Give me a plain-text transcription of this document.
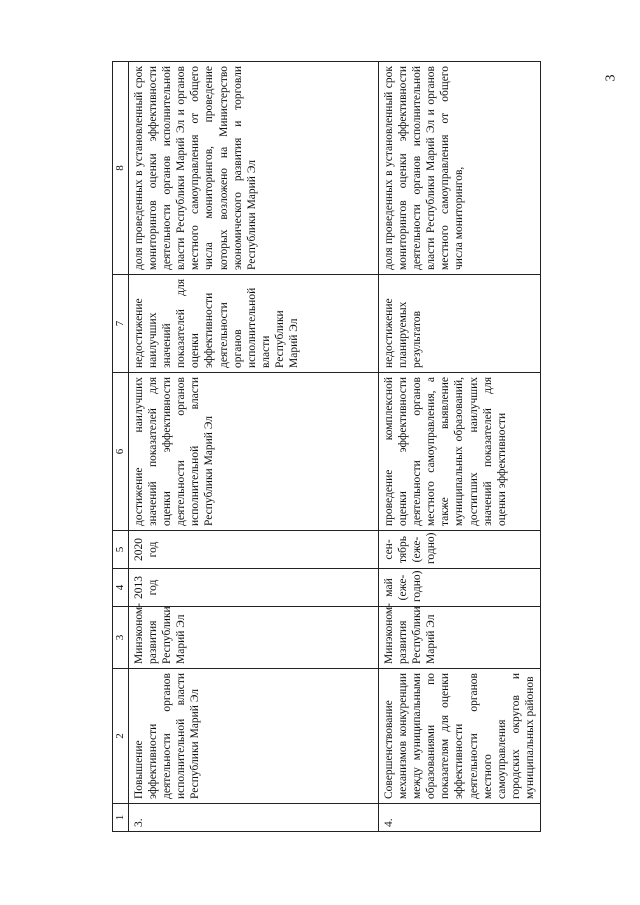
3
1	2	3	4	5	6	7	8
3.	Повышение эффективности деятельности органов исполнительной власти Республики Марий Эл	Минэконом-развития Республики Марий Эл	2013 год	2020 год	достижение наилучших значений показателей для оценки эффективности деятельности органов исполнительной власти Республики Марий Эл	недостижение наилучших значений показателей для оценки эффективности деятельности органов исполнительной власти Республики Марий Эл	доля проведенных в установленный срок мониторингов оценки эффективности деятельности органов исполнительной власти Республики Марий Эл и органов местного самоуправления от общего числа мониторингов, проведение которых возложено на Министерство экономического развития и торговли Республики Марий Эл
4.	Совершенствование механизмов конкуренции между муниципальными образованиями по показателям для оценки эффективности деятельности органов местного самоуправления городских округов и муниципальных районов	Минэконом-развития Республики Марий Эл	май (еже-годно)	сен-тябрь (еже-годно)	проведение комплексной оценки эффективности деятельности органов местного самоуправления, а также выявление муниципальных образований, достигших наилучших значений показателей для оценки эффективности	недостижение планируемых результатов	доля проведенных в установленный срок мониторингов оценки эффективности деятельности органов исполнительной власти Республики Марий Эл и органов местного самоуправления от общего числа мониторингов,
